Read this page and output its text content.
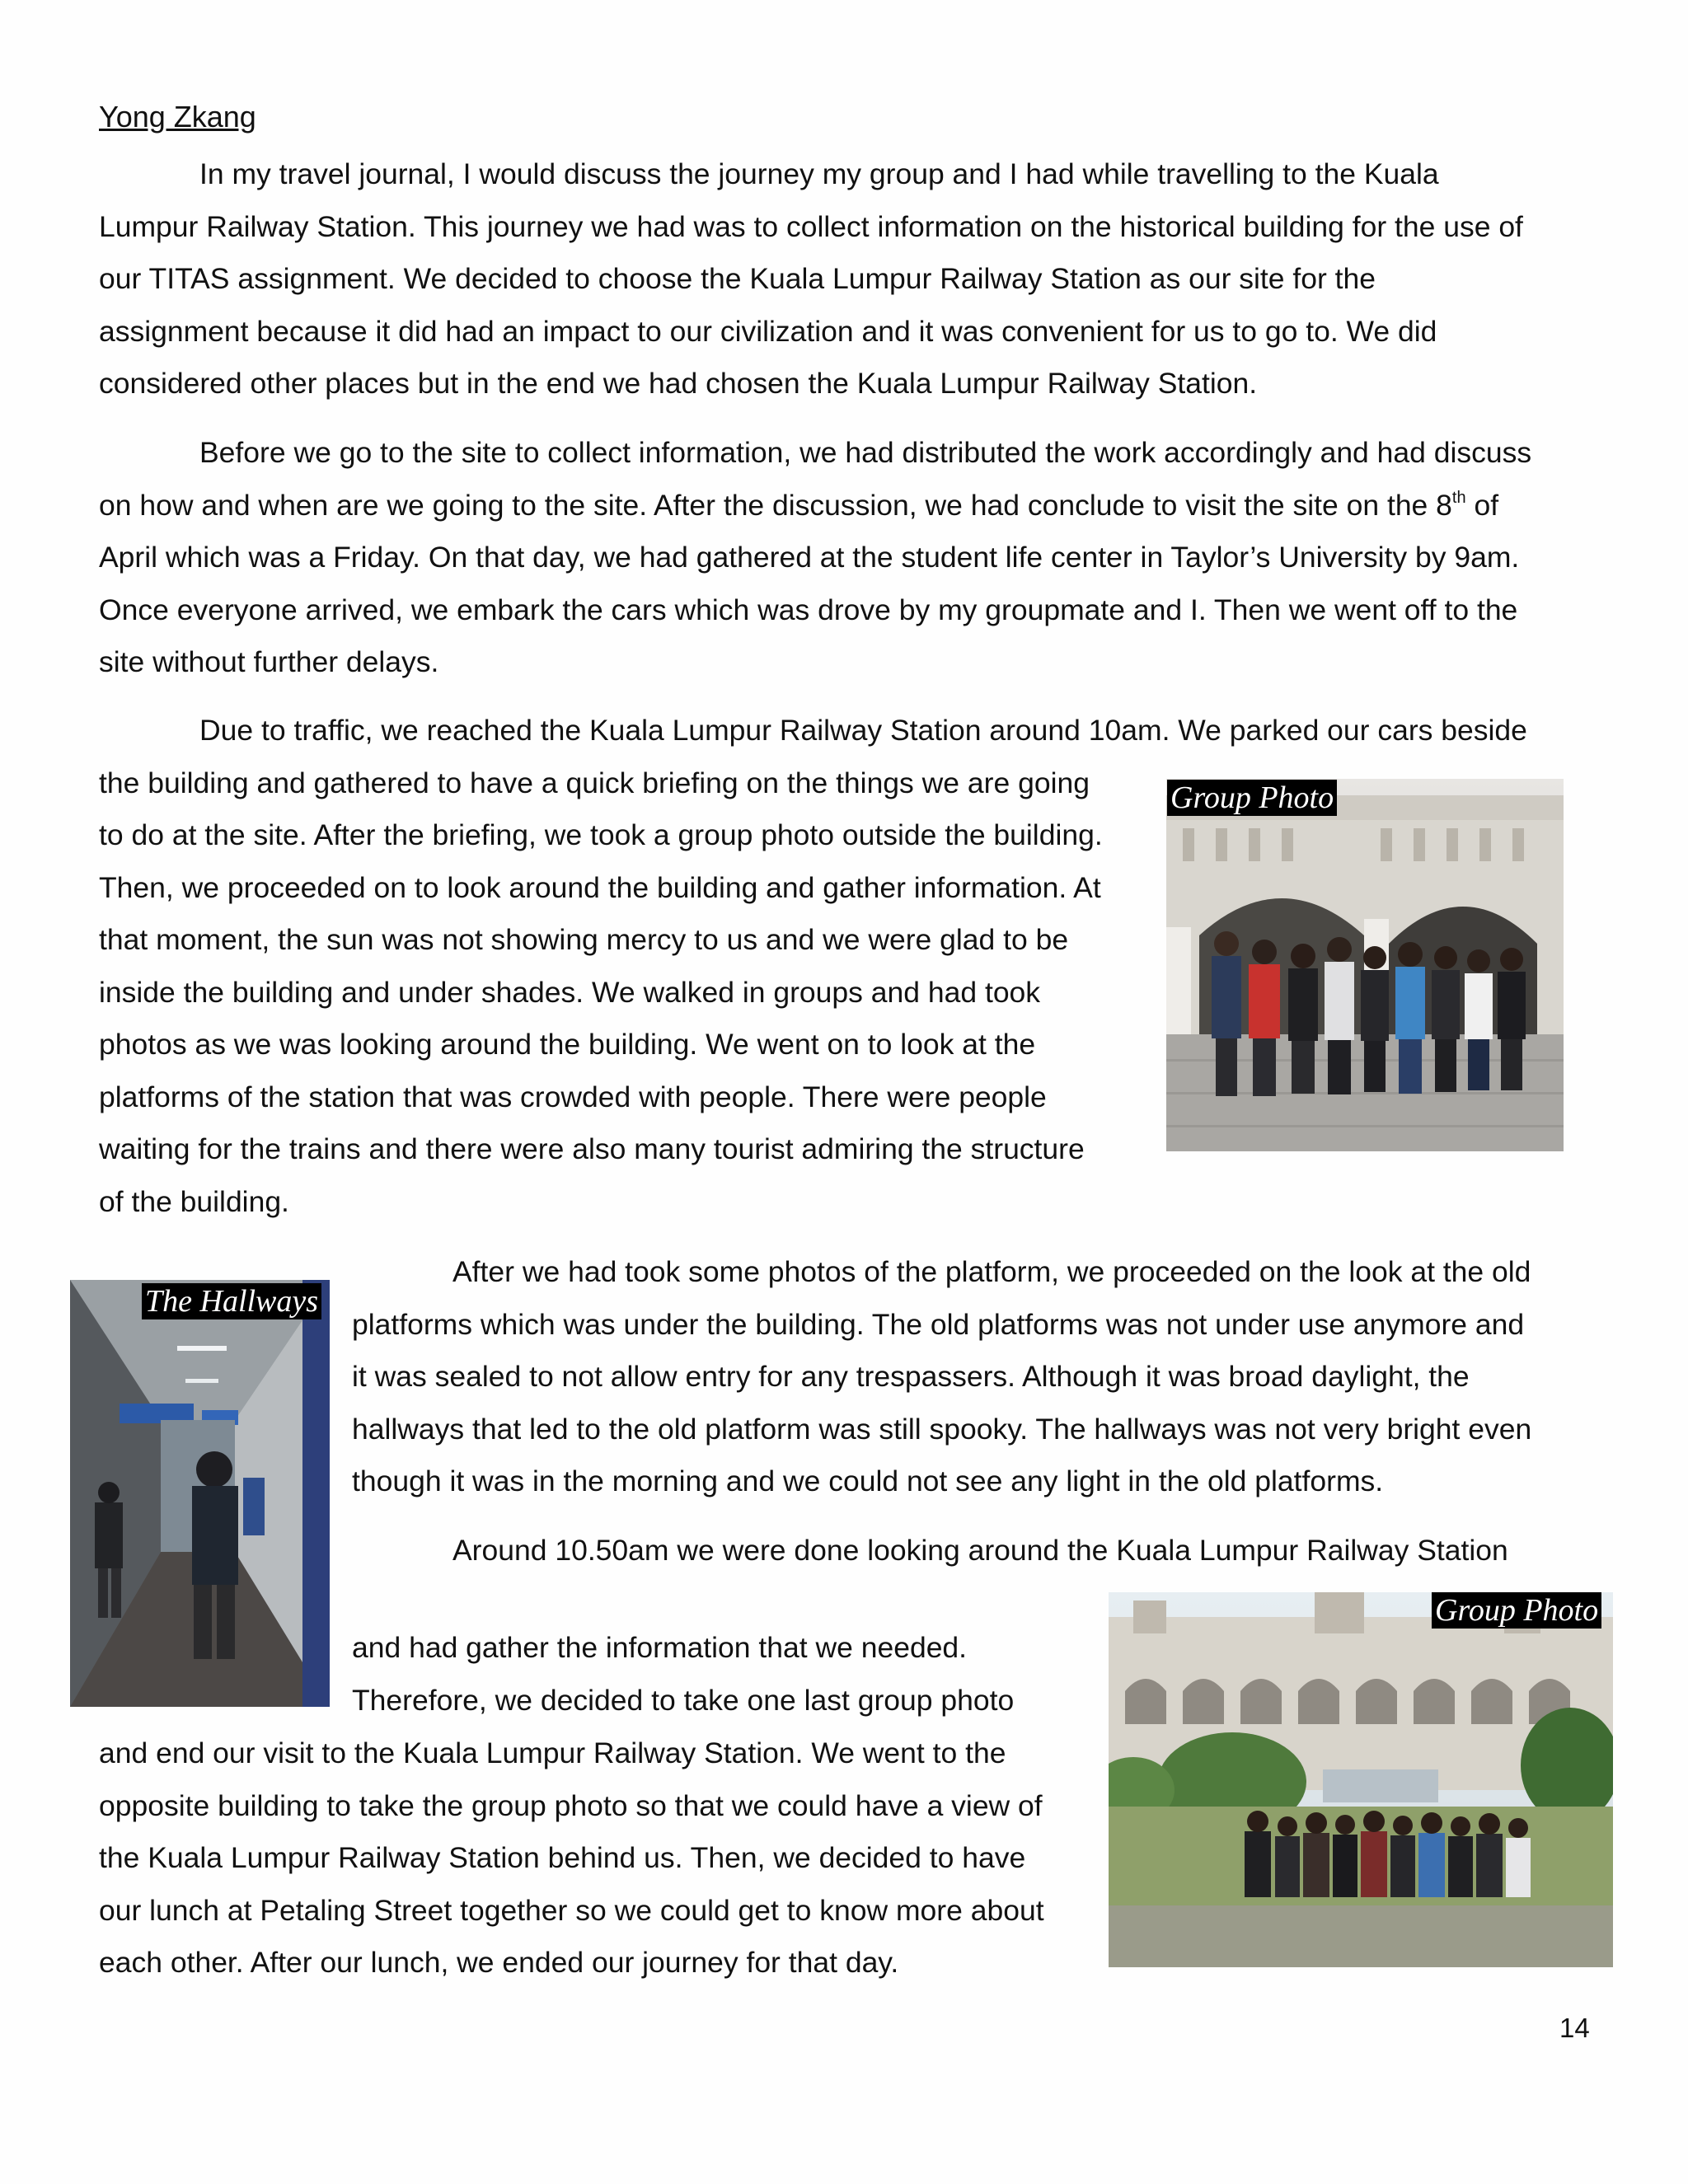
Yong Zkang
In my travel journal, I would discuss the journey my group and I had while travelling to the Kuala
Lumpur Railway Station. This journey we had was to collect information on the historical building for the use of
our TITAS assignment. We decided to choose the Kuala Lumpur Railway Station as our site for the
assignment because it did had an impact to our civilization and it was convenient for us to go to. We did
considered other places but in the end we had chosen the Kuala Lumpur Railway Station.
Before we go to the site to collect information, we had distributed the work accordingly and had discuss
on how and when are we going to the site. After the discussion, we had conclude to visit the site on the 8th of
April which was a Friday. On that day, we had gathered at the student life center in Taylor’s University by 9am.
Once everyone arrived, we embark the cars which was drove by my groupmate and I. Then we went off to the
site without further delays.
Due to traffic, we reached the Kuala Lumpur Railway Station around 10am. We parked our cars beside
the building and gathered to have a quick briefing on the things we are going
to do at the site. After the briefing, we took a group photo outside the building.
Then, we proceeded on to look around the building and gather information. At
that moment, the sun was not showing mercy to us and we were glad to be
inside the building and under shades. We walked in groups and had took
photos as we was looking around the building. We went on to look at the
platforms of the station that was crowded with people. There were people
waiting for the trains and there were also many tourist admiring the structure
of the building.
Group Photo
After we had took some photos of the platform, we proceeded on the look at the old
platforms which was under the building. The old platforms was not under use anymore and
it was sealed to not allow entry for any trespassers. Although it was broad daylight, the
hallways that led to the old platform was still spooky. The hallways was not very bright even
though it was in the morning and we could not see any light in the old platforms.
The Hallways
Around 10.50am we were done looking around the Kuala Lumpur Railway Station
and had gather the information that we needed.
Therefore, we decided to take one last group photo
and end our visit to the Kuala Lumpur Railway Station. We went to the
opposite building to take the group photo so that we could have a view of
the Kuala Lumpur Railway Station behind us. Then, we decided to have
our lunch at Petaling Street together so we could get to know more about
each other. After our lunch, we ended our journey for that day.
Group Photo
14
